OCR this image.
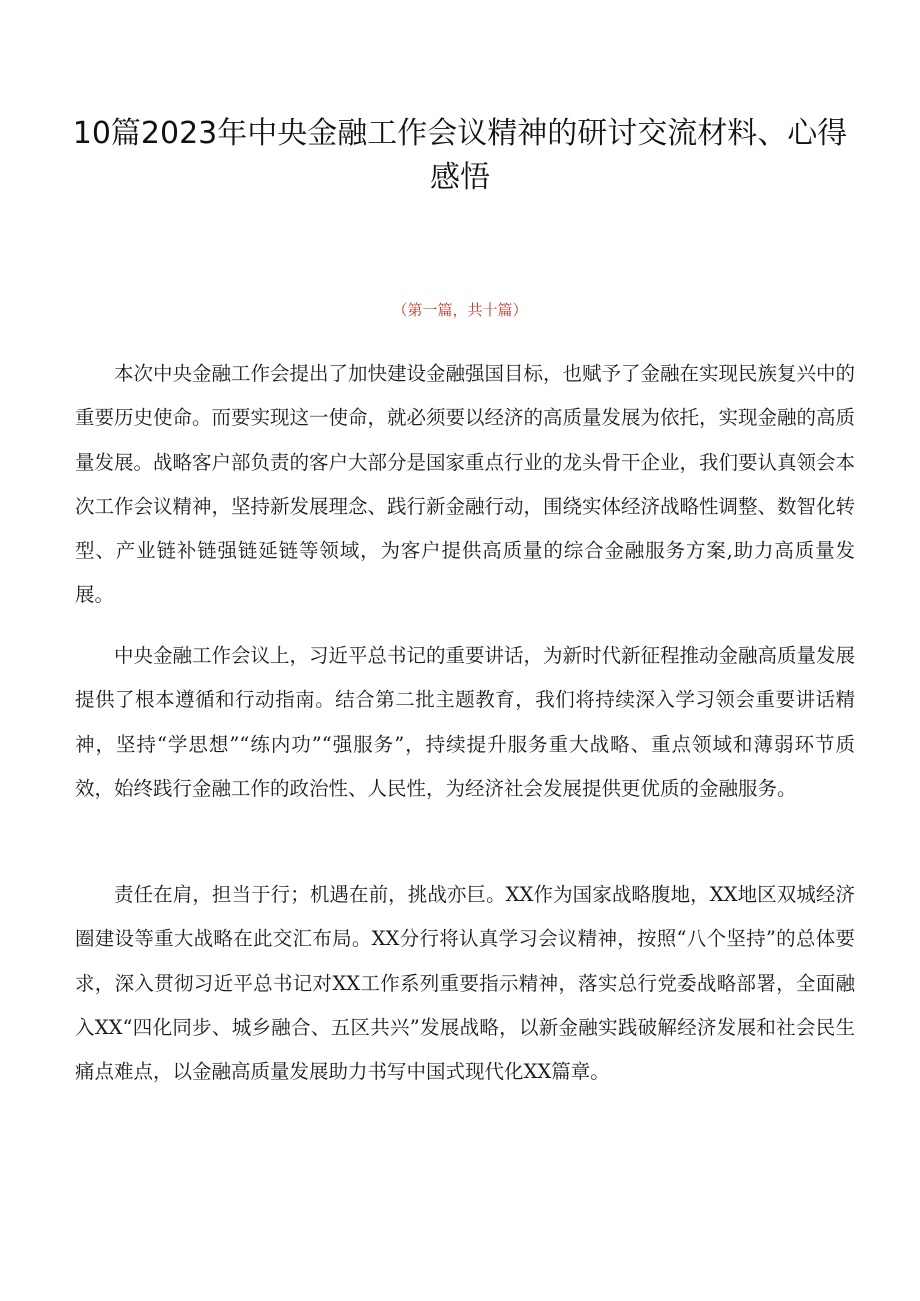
10篇2023年中央金融工作会议精神的研讨交流材料、心得感悟

（第一篇，共十篇）

本次中央金融工作会提出了加快建设金融强国目标，也赋予了金融在实现民族复兴中的重要历史使命。而要实现这一使命，就必须要以经济的高质量发展为依托，实现金融的高质量发展。战略客户部负责的客户大部分是国家重点行业的龙头骨干企业，我们要认真领会本次工作会议精神，坚持新发展理念、践行新金融行动，围绕实体经济战略性调整、数智化转型、产业链补链强链延链等领域，为客户提供高质量的综合金融服务方案,助力高质量发展。

中央金融工作会议上，习近平总书记的重要讲话，为新时代新征程推动金融高质量发展提供了根本遵循和行动指南。结合第二批主题教育，我们将持续深入学习领会重要讲话精神，坚持“学思想”“练内功”“强服务”，持续提升服务重大战略、重点领域和薄弱环节质效，始终践行金融工作的政治性、人民性，为经济社会发展提供更优质的金融服务。

责任在肩，担当于行；机遇在前，挑战亦巨。XX作为国家战略腹地，XX地区双城经济圈建设等重大战略在此交汇布局。XX分行将认真学习会议精神，按照“八个坚持”的总体要求，深入贯彻习近平总书记对XX工作系列重要指示精神，落实总行党委战略部署，全面融入XX“四化同步、城乡融合、五区共兴”发展战略，以新金融实践破解经济发展和社会民生痛点难点，以金融高质量发展助力书写中国式现代化XX篇章。
